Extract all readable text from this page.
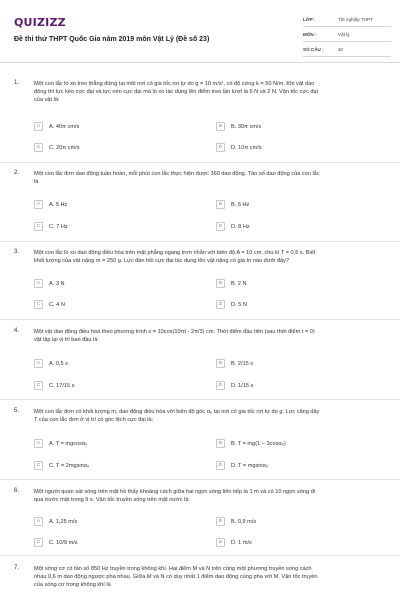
QUIZIZZ
Đề thi thử THPT Quốc Gia năm 2019 môn Vật Lý (Đề số 23)
LỚP :	Tốt nghiệp THPT
MÔN :	Vật lý
SỐ CÂU :	40
1.	Một con lắc lò xo treo thẳng đứng tại một nơi có gia tốc rơi tự do g = 10 m/s², có độ cứng k = 50 N/m. Khi vật dao
động thì lực kéo cực đại và lực nén cực đại mà lò xo tác dụng lên điểm treo lần lượt là 6 N và 2 N. Vận tốc cực đại
của vật là:
A	A. 40π cm/s	B	B. 30π cm/s
C	C. 20π cm/s	D	D. 10π cm/s
2.	Một con lắc đơn dao động tuần hoàn, mỗi phút con lắc thực hiện được 360 dao động. Tần số dao động của con lắc
là
A	A. 5 Hz	B	B. 6 Hz
C	C. 7 Hz	D	D. 8 Hz
3.	Một con lắc lò xo dao động điều hòa trên mặt phẳng ngang trơn nhẵn với biên độ A = 10 cm, chu kì T = 0,5 s. Biết
khối lượng của vật nặng m = 250 g. Lực đàn hồi cực đại tác dụng lên vật nặng có giá trị nào dưới đây?
A	A. 3 N	B	B. 2 N
C	C. 4 N	D	D. 5 N
4.	Một vật dao động điều hoà theo phương trình x = 10cos(10πt - 2π/3) cm. Thời điểm đầu tiên (sau thời điểm t = 0)
vật lặp lại vị trí ban đầu là:
A	A. 0,5 s	B	B. 2/15 s
C	C. 17/15 s	D	D. 1/15 s
5.	Một con lắc đơn có khối lượng m, dao động điều hòa với biên độ góc α₀ tại nơi có gia tốc rơi tự do g. Lực căng dây
T của con lắc đơn ở vị trí có góc lệch cực đại là:
A	A. T = mgcosα₀	B	B. T = mg(1 − 3cosα₀)
C	C. T = 2mgsinα₀	D	D. T = mgsinα₀
6.	Một người quan sát sóng trên mặt hồ thấy khoảng cách giữa hai ngọn sóng liên tiếp là 1 m và có 10 ngọn sóng đi
qua trước mặt trong 9 s. Vận tốc truyền sóng trên mặt nước là:
A	A. 1,25 m/s	B	B. 0,9 m/s
C	C. 10/9 m/s	D	D. 1 m/s
7.	Một sóng cơ có tần số 850 Hz truyền trong không khí. Hai điểm M và N trên cùng một phương truyền sóng cách
nhau 0,6 m dao động ngược pha nhau. Giữa M và N có duy nhất 1 điểm dao động cùng pha với M. Vận tốc truyền
của sóng cơ trong không khí là
